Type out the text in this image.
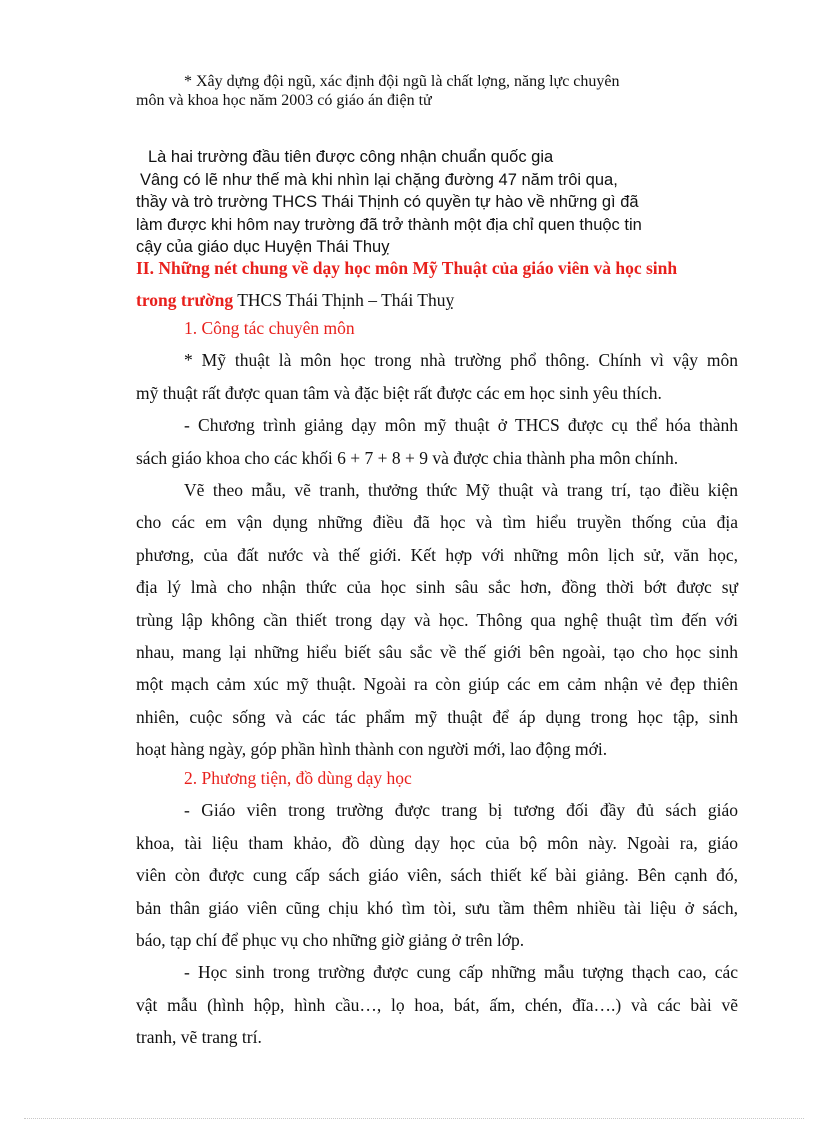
* Xây dựng đội ngũ, xác định đội ngũ là chất lợng, năng lực chuyên
môn và khoa học năm 2003 có giáo án điện tử
Là hai trường đầu tiên được công nhận chuẩn quốc gia
Vâng có lẽ như thế mà khi nhìn lại chặng đường 47 năm trôi qua,
thầy và trò trường THCS Thái Thịnh có quyền tự hào về những gì đã
làm được khi hôm nay trường đã trở thành một địa chỉ quen thuộc tin
cậy của giáo dục Huyện Thái Thuỵ
II. Những nét chung về dạy học môn Mỹ Thuật của giáo viên và học sinh
trong trường THCS Thái Thịnh – Thái Thuỵ
1. Công tác chuyên môn

* Mỹ thuật là môn học trong nhà trường phổ thông. Chính vì vậy môn

mỹ thuật rất được quan tâm và đặc biệt rất được các em học sinh yêu thích.

- Chương trình giảng dạy môn mỹ thuật ở THCS được cụ thể hóa thành

sách giáo khoa cho các khối 6 + 7 + 8 + 9 và được chia thành pha môn chính.

Vẽ theo mẫu, vẽ tranh, thưởng thức Mỹ thuật và trang trí, tạo điều kiện

cho các em vận dụng những điều đã học và tìm hiểu truyền thống của địa
phương, của đất nước và thế giới. Kết hợp với những môn lịch sử, văn học,
địa lý lmà cho nhận thức của học sinh sâu sắc hơn, đồng thời bớt được sự
trùng lập không cần thiết trong dạy và học. Thông qua nghệ thuật tìm đến với
nhau, mang lại những hiểu biết sâu sắc về thế giới bên ngoài, tạo cho học sinh
một mạch cảm xúc mỹ thuật. Ngoài ra còn giúp các em cảm nhận vẻ đẹp thiên
nhiên, cuộc sống và các tác phẩm mỹ thuật để áp dụng trong học tập, sinh
hoạt hàng ngày, góp phần hình thành con người mới, lao động mới.
2. Phương tiện, đồ dùng dạy học

- Giáo viên trong trường được trang bị tương đối đầy đủ sách giáo

khoa, tài liệu tham khảo, đồ dùng dạy học của bộ môn này. Ngoài ra, giáo
viên còn được cung cấp sách giáo viên, sách thiết kế bài giảng. Bên cạnh đó,
bản thân giáo viên cũng chịu khó tìm tòi, sưu tầm thêm nhiều tài liệu ở sách,
báo, tạp chí để phục vụ cho những giờ giảng ở trên lớp.

- Học sinh trong trường được cung cấp những mẫu tượng thạch cao, các

vật mẫu (hình hộp, hình cầu…, lọ hoa, bát, ấm, chén, đĩa….) và các bài vẽ
tranh, vẽ trang trí.
